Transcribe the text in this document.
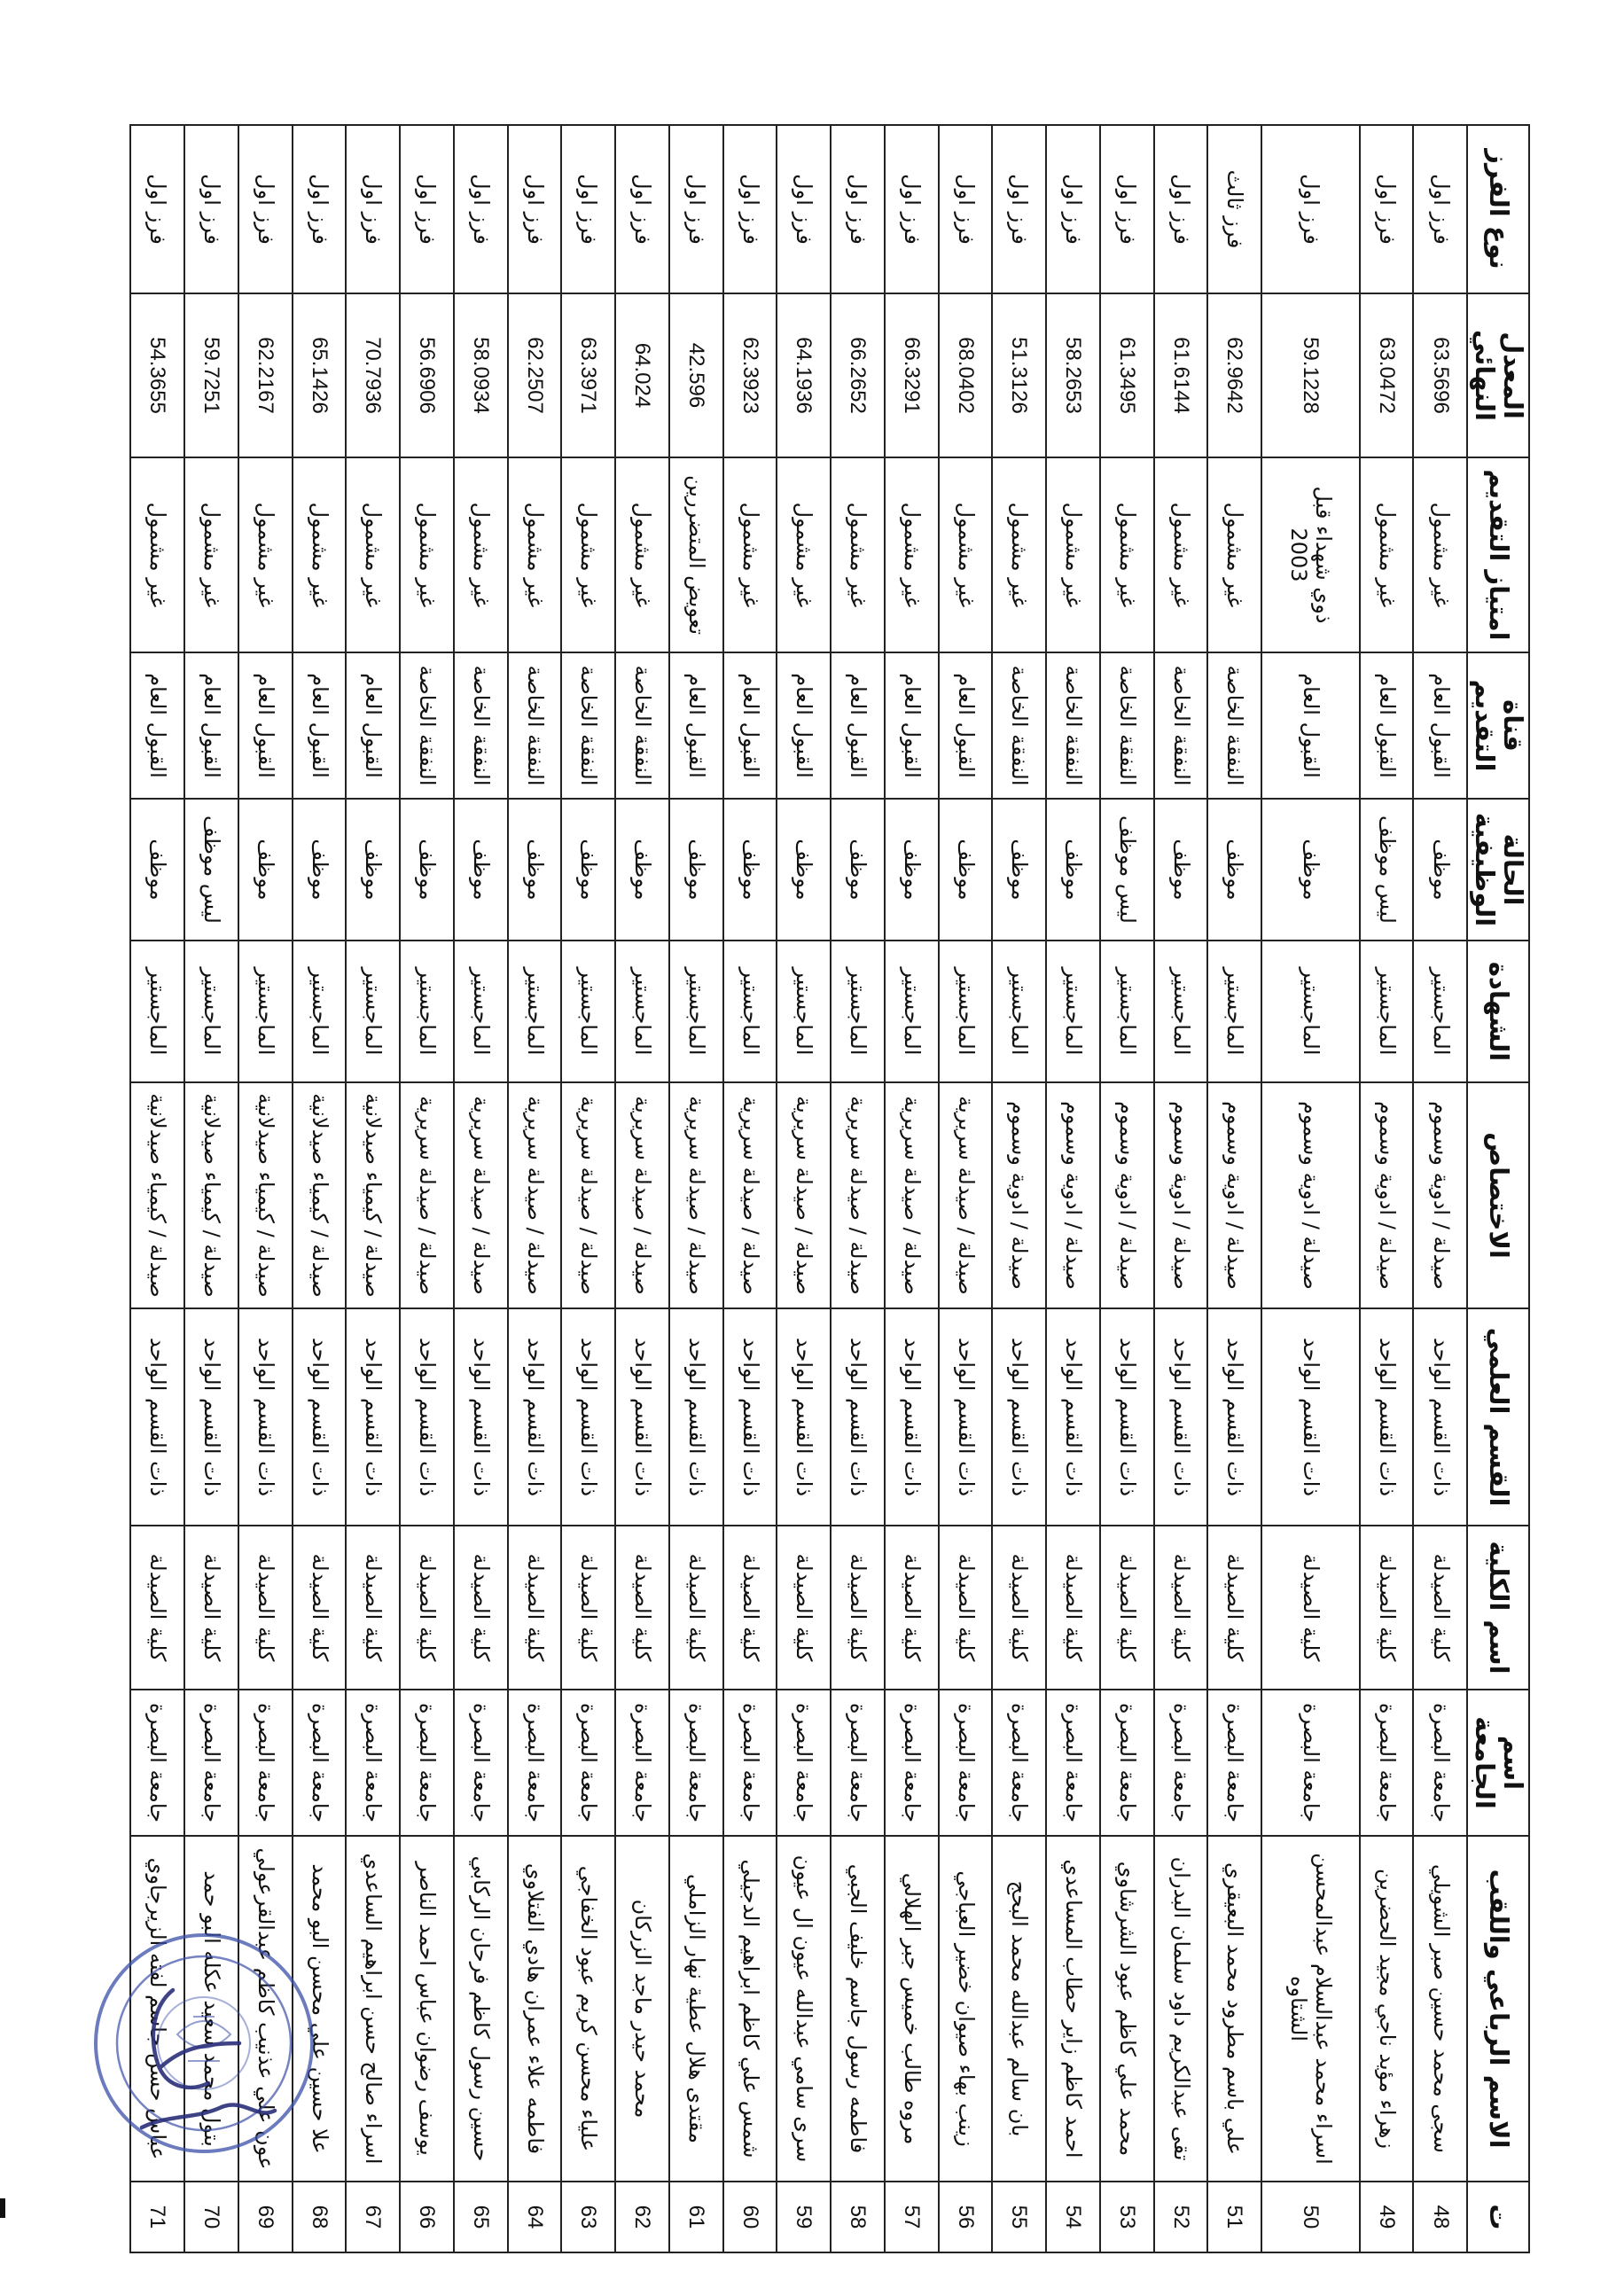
ت	الاسم الرباعي واللقب	اسم الجامعة	اسم الكلية	القسم العلمي	الاختصاص	الشهادة	الحالة الوظيفية	قناة التقديم	امتياز التقديم	المعدل النهائي	نوع الفرز
48	سجى محمد حسين صبر الشويلي	جامعة البصرة	كلية الصيدلة	ذات القسم الواحد	صيدلة / ادوية وسموم	الماجستير	موظف	القبول العام	غير مشمول	63.5696	فرز اول
49	زهراء مؤيد ناجي مجيد الحضرين	جامعة البصرة	كلية الصيدلة	ذات القسم الواحد	صيدلة / ادوية وسموم	الماجستير	ليس موظف	القبول العام	غير مشمول	63.0472	فرز اول
50	اسراء محمد عبدالسلام عبدالمحسن الشتاوه	جامعة البصرة	كلية الصيدلة	ذات القسم الواحد	صيدلة / ادوية وسموم	الماجستير	موظف	القبول العام	ذوي شهداء قبل 2003	59.1228	فرز اول
51	علي باسم مطرود محمد البعيقري	جامعة البصرة	كلية الصيدلة	ذات القسم الواحد	صيدلة / ادوية وسموم	الماجستير	موظف	النفقة الخاصة	غير مشمول	62.9642	فرز ثالث
52	تقى عبدالكريم داود سلمان البدران	جامعة البصرة	كلية الصيدلة	ذات القسم الواحد	صيدلة / ادوية وسموم	الماجستير	موظف	النفقة الخاصة	غير مشمول	61.6144	فرز اول
53	محمد علي كاظم عبود الشرشاوي	جامعة البصرة	كلية الصيدلة	ذات القسم الواحد	صيدلة / ادوية وسموم	الماجستير	ليس موظف	النفقة الخاصة	غير مشمول	61.3495	فرز اول
54	احمد كاظم زاير حطاب المساعدي	جامعة البصرة	كلية الصيدلة	ذات القسم الواحد	صيدلة / ادوية وسموم	الماجستير	موظف	النفقة الخاصة	غير مشمول	58.2653	فرز اول
55	بان سالم عبدالله محمد البحج	جامعة البصرة	كلية الصيدلة	ذات القسم الواحد	صيدلة / ادوية وسموم	الماجستير	موظف	النفقة الخاصة	غير مشمول	51.3126	فرز اول
56	زينب بهاء صيوان خضير العباجي	جامعة البصرة	كلية الصيدلة	ذات القسم الواحد	صيدلة / صيدلة سريرية	الماجستير	موظف	القبول العام	غير مشمول	68.0402	فرز اول
57	مروه طالب خميس جبر الهلالي	جامعة البصرة	كلية الصيدلة	ذات القسم الواحد	صيدلة / صيدلة سريرية	الماجستير	موظف	القبول العام	غير مشمول	66.3291	فرز اول
58	فاطمه رسول جاسم خليف الجبي	جامعة البصرة	كلية الصيدلة	ذات القسم الواحد	صيدلة / صيدلة سريرية	الماجستير	موظف	القبول العام	غير مشمول	66.2652	فرز اول
59	سرى سامي عبدالله عيون ال عيون	جامعة البصرة	كلية الصيدلة	ذات القسم الواحد	صيدلة / صيدلة سريرية	الماجستير	موظف	القبول العام	غير مشمول	64.1936	فرز اول
60	شمس علي كاظم ابراهيم الدجيلي	جامعة البصرة	كلية الصيدلة	ذات القسم الواحد	صيدلة / صيدلة سريرية	الماجستير	موظف	القبول العام	غير مشمول	62.3923	فرز اول
61	مقتدى هلال عطية نهار الزاملي	جامعة البصرة	كلية الصيدلة	ذات القسم الواحد	صيدلة / صيدلة سريرية	الماجستير	موظف	القبول العام	تعويض المتضررين	42.596	فرز اول
62	محمد حيدر ماجد الزركان	جامعة البصرة	كلية الصيدلة	ذات القسم الواحد	صيدلة / صيدلة سريرية	الماجستير	موظف	النفقة الخاصة	غير مشمول	64.024	فرز اول
63	علياء محسن كريم عبود الخفاجي	جامعة البصرة	كلية الصيدلة	ذات القسم الواحد	صيدلة / صيدلة سريرية	الماجستير	موظف	النفقة الخاصة	غير مشمول	63.3971	فرز اول
64	فاطمه علاء عمران هادي الفتلاوي	جامعة البصرة	كلية الصيدلة	ذات القسم الواحد	صيدلة / صيدلة سريرية	الماجستير	موظف	النفقة الخاصة	غير مشمول	62.2507	فرز اول
65	حسين رسول كاظم فرحان الركابي	جامعة البصرة	كلية الصيدلة	ذات القسم الواحد	صيدلة / صيدلة سريرية	الماجستير	موظف	النفقة الخاصة	غير مشمول	58.0934	فرز اول
66	يوسف رضوان عباس احمد الناصر	جامعة البصرة	كلية الصيدلة	ذات القسم الواحد	صيدلة / صيدلة سريرية	الماجستير	موظف	النفقة الخاصة	غير مشمول	56.6906	فرز اول
67	اسراء صالح حسن ابراهيم الساعدي	جامعة البصرة	كلية الصيدلة	ذات القسم الواحد	صيدلة / كيمياء صيدلانية	الماجستير	موظف	القبول العام	غير مشمول	70.7936	فرز اول
68	علا حسين علي محسن البو محمد	جامعة البصرة	كلية الصيدلة	ذات القسم الواحد	صيدلة / كيمياء صيدلانية	الماجستير	موظف	القبول العام	غير مشمول	65.1426	فرز اول
69	عون علي عذنيب كاظم عبدالقرعولي	جامعة البصرة	كلية الصيدلة	ذات القسم الواحد	صيدلة / كيمياء صيدلانية	الماجستير	موظف	القبول العام	غير مشمول	62.2167	فرز اول
70	بتول محمد سعيد عكله البو حمد	جامعة البصرة	كلية الصيدلة	ذات القسم الواحد	صيدلة / كيمياء صيدلانية	الماجستير	ليس موظف	القبول العام	غير مشمول	59.7251	فرز اول
71	عباس حسن جاسم لفته الزيرجاوي	جامعة البصرة	كلية الصيدلة	ذات القسم الواحد	صيدلة / كيمياء صيدلانية	الماجستير	موظف	القبول العام	غير مشمول	54.3655	فرز اول
